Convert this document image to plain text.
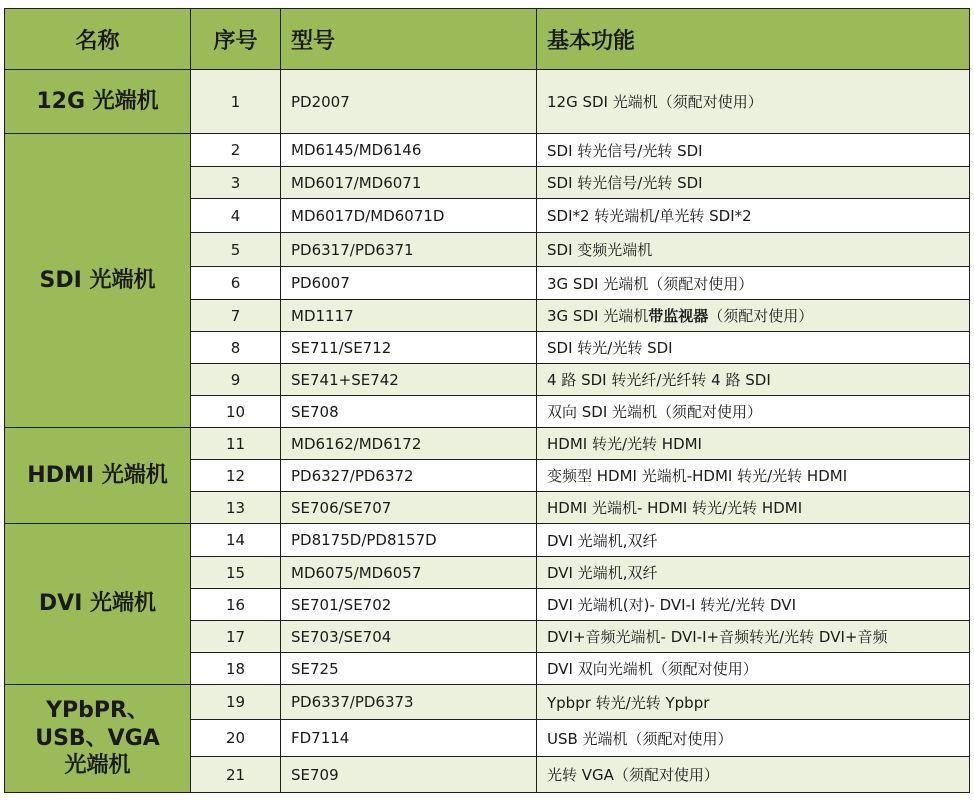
名称	序号	型号	基本功能
12G 光端机	1	PD2007	12G SDI 光端机（须配对使用）
SDI 光端机	2	MD6145/MD6146	SDI 转光信号/光转 SDI
	3	MD6017/MD6071	SDI 转光信号/光转 SDI
	4	MD6017D/MD6071D	SDI*2 转光端机/单光转 SDI*2
	5	PD6317/PD6371	SDI 变频光端机
	6	PD6007	3G SDI 光端机（须配对使用）
	7	MD1117	3G SDI 光端机带监视器（须配对使用）
	8	SE711/SE712	SDI 转光/光转 SDI
	9	SE741+SE742	4 路 SDI 转光纤/光纤转 4 路 SDI
	10	SE708	双向 SDI 光端机（须配对使用）
HDMI 光端机	11	MD6162/MD6172	HDMI 转光/光转 HDMI
	12	PD6327/PD6372	变频型 HDMI 光端机-HDMI 转光/光转 HDMI
	13	SE706/SE707	HDMI 光端机- HDMI 转光/光转 HDMI
DVI 光端机	14	PD8175D/PD8157D	DVI 光端机,双纤
	15	MD6075/MD6057	DVI 光端机,双纤
	16	SE701/SE702	DVI 光端机(对)- DVI-I 转光/光转 DVI
	17	SE703/SE704	DVI+音频光端机- DVI-I+音频转光/光转 DVI+音频
	18	SE725	DVI 双向光端机（须配对使用）

YPbPR、
USB、VGA
光端机	19	PD6337/PD6373	Ypbpr 转光/光转 Ypbpr
	20	FD7114	USB 光端机（须配对使用）
	21	SE709	光转 VGA（须配对使用）
